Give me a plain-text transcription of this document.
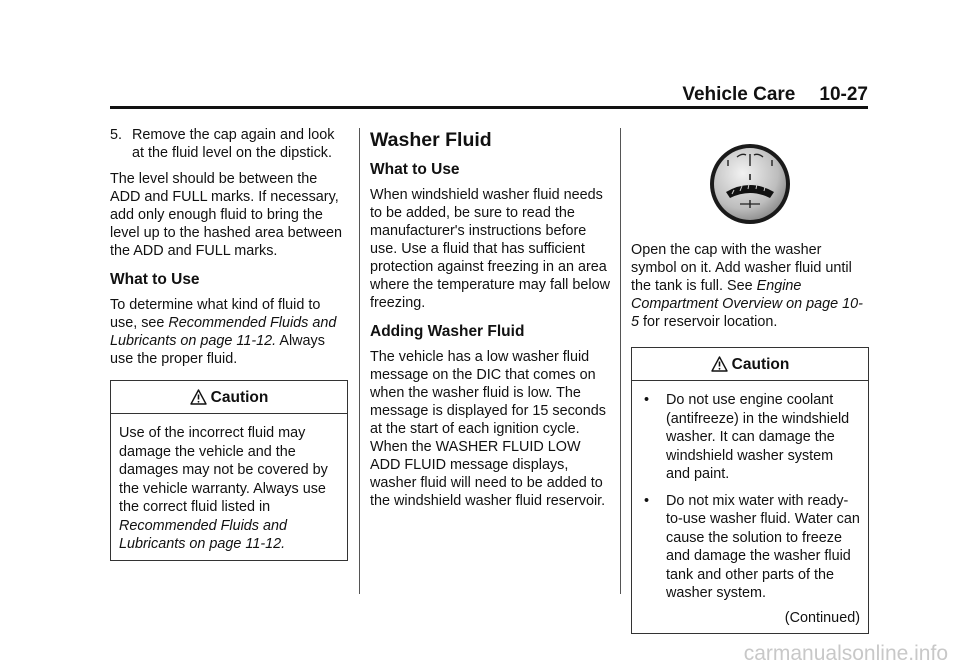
Vehicle Care 10-27
5. Remove the cap again and look at the fluid level on the dipstick.

The level should be between the ADD and FULL marks. If necessary, add only enough fluid to bring the level up to the hashed area between the ADD and FULL marks.

What to Use

To determine what kind of fluid to use, see Recommended Fluids and Lubricants on page 11-12. Always use the proper fluid.

Caution
Use of the incorrect fluid may damage the vehicle and the damages may not be covered by the vehicle warranty. Always use the correct fluid listed in Recommended Fluids and Lubricants on page 11-12.
Washer Fluid
What to Use

When windshield washer fluid needs to be added, be sure to read the manufacturer's instructions before use. Use a fluid that has sufficient protection against freezing in an area where the temperature may fall below freezing.

Adding Washer Fluid

The vehicle has a low washer fluid message on the DIC that comes on when the washer fluid is low. The message is displayed for 15 seconds at the start of each ignition cycle. When the WASHER FLUID LOW ADD FLUID message displays, washer fluid will need to be added to the windshield washer fluid reservoir.

Open the cap with the washer symbol on it. Add washer fluid until the tank is full. See Engine Compartment Overview on page 10-5 for reservoir location.

Caution
•	Do not use engine coolant (antifreeze) in the windshield washer. It can damage the windshield washer system and paint.
•	Do not mix water with ready-to-use washer fluid. Water can cause the solution to freeze and damage the washer fluid tank and other parts of the washer system.
(Continued)
carmanualsonline.info
